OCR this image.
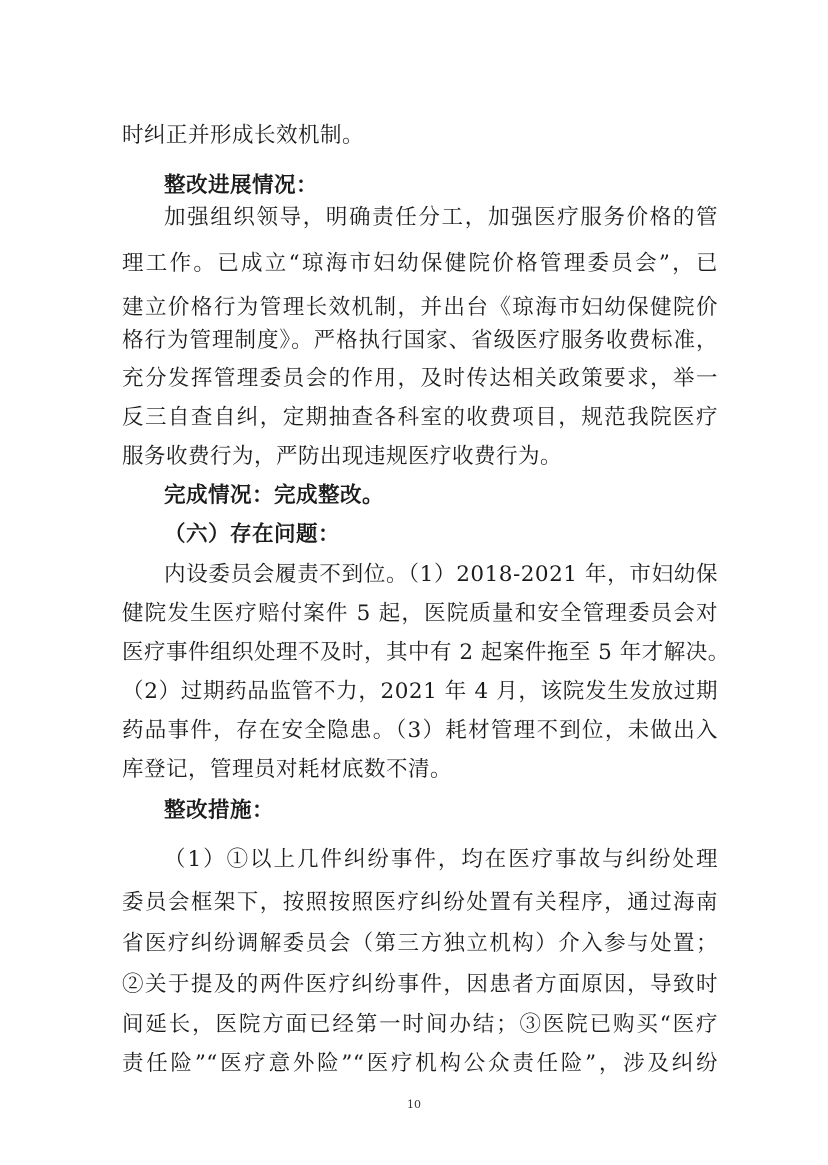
时纠正并形成长效机制。
整改进展情况：
加强组织领导，明确责任分工，加强医疗服务价格的管
理工作。已成立“琼海市妇幼保健院价格管理委员会”，已
建立价格行为管理长效机制，并出台《琼海市妇幼保健院价
格行为管理制度》。严格执行国家、省级医疗服务收费标准，
充分发挥管理委员会的作用，及时传达相关政策要求，举一
反三自查自纠，定期抽查各科室的收费项目，规范我院医疗
服务收费行为，严防出现违规医疗收费行为。
完成情况：完成整改。
（六）存在问题：
内设委员会履责不到位。（1）2018-2021 年，市妇幼保
健院发生医疗赔付案件 5 起，医院质量和安全管理委员会对
医疗事件组织处理不及时，其中有 2 起案件拖至 5 年才解决。
（2）过期药品监管不力，2021 年 4 月，该院发生发放过期
药品事件，存在安全隐患。（3）耗材管理不到位，未做出入
库登记，管理员对耗材底数不清。
整改措施：
（1）①以上几件纠纷事件，均在医疗事故与纠纷处理
委员会框架下，按照按照医疗纠纷处置有关程序，通过海南
省医疗纠纷调解委员会（第三方独立机构）介入参与处置；
②关于提及的两件医疗纠纷事件，因患者方面原因，导致时
间延长，医院方面已经第一时间办结；③医院已购买“医疗
责任险”“医疗意外险”“医疗机构公众责任险”，涉及纠纷
10
